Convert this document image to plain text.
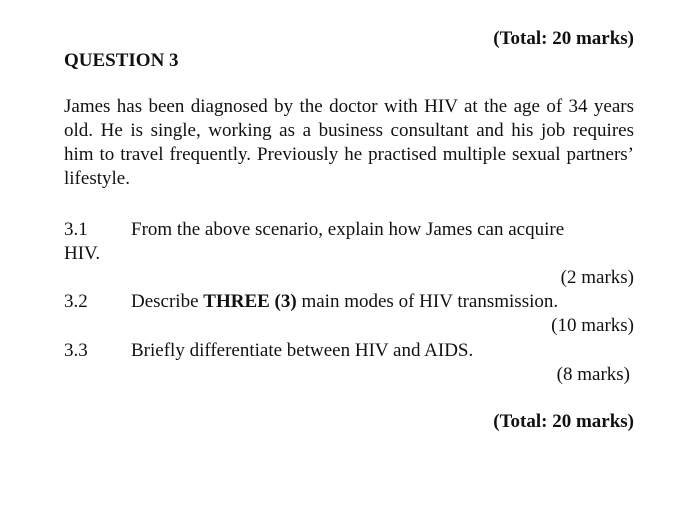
(Total: 20 marks)
QUESTION 3
James has been diagnosed by the doctor with HIV at the age of 34 years old. He is single, working as a business consultant and his job requires him to travel frequently. Previously he practised multiple sexual partners’ lifestyle.
3.1 From the above scenario, explain how James can acquire
HIV.
(2 marks)
3.2 Describe THREE (3) main modes of HIV transmission.
(10 marks)
3.3 Briefly differentiate between HIV and AIDS.
(8 marks)
(Total: 20 marks)
